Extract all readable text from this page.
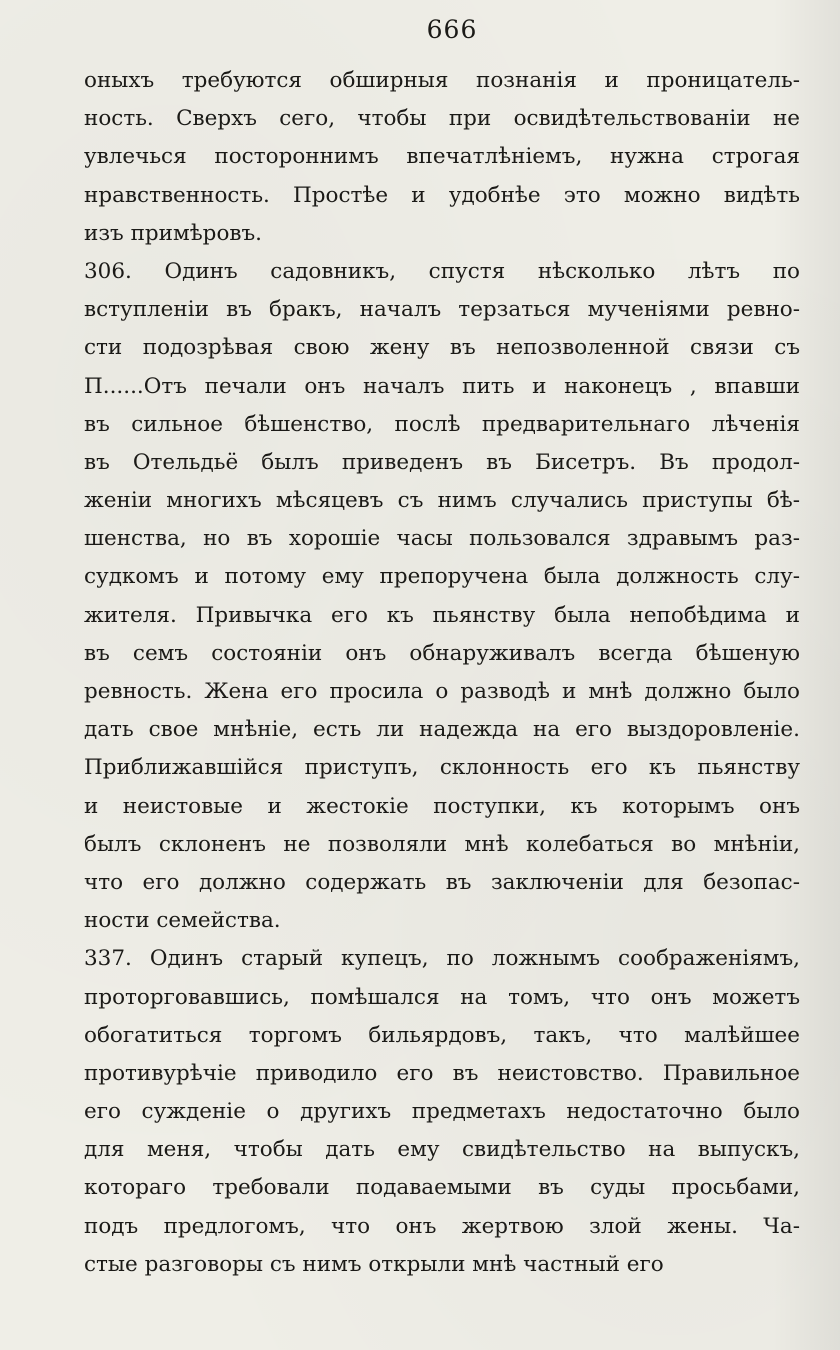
666
оныхъ требуются обширныя познанія и проницатель-
ность. Сверхъ сего, чтобы при освидѣтельствованіи не
увлечься постороннимъ впечатлѣніемъ, нужна строгая
нравственность. Простѣе и удобнѣе это можно видѣть
изъ примѣровъ.
306. Одинъ садовникъ, спустя нѣсколько лѣтъ по
вступленіи въ бракъ, началъ терзаться мученіями ревно-
сти подозрѣвая свою жену въ непозволенной связи съ
П......Отъ печали онъ началъ пить и наконецъ , впавши
въ сильное бѣшенство, послѣ предварительнаго лѣченія
въ Отельдьё былъ приведенъ въ Бисетръ. Въ продол-
женіи многихъ мѣсяцевъ съ нимъ случались приступы бѣ-
шенства, но въ хорошіе часы пользовался здравымъ раз-
судкомъ и потому ему препоручена была должность слу-
жителя. Привычка его къ пьянству была непобѣдима и
въ семъ состояніи онъ обнаруживалъ всегда бѣшеную
ревность. Жена его просила о разводѣ и мнѣ должно было
дать свое мнѣніе, есть ли надежда на его выздоровленіе.
Приближавшійся приступъ, склонность его къ пьянству
и неистовые и жестокіе поступки, къ которымъ онъ
былъ склоненъ не позволяли мнѣ колебаться во мнѣніи,
что его должно содержать въ заключеніи для безопас-
ности семейства.
337. Одинъ старый купецъ, по ложнымъ соображеніямъ,
проторговавшись, помѣшался на томъ, что онъ можетъ
обогатиться торгомъ бильярдовъ, такъ, что малѣйшее
противурѣчіе приводило его въ неистовство. Правильное
его сужденіе о другихъ предметахъ недостаточно было
для меня, чтобы дать ему свидѣтельство на выпускъ,
котораго требовали подаваемыми въ суды просьбами,
подъ предлогомъ, что онъ жертвою злой жены. Ча-
стые разговоры съ нимъ открыли мнѣ частный его
